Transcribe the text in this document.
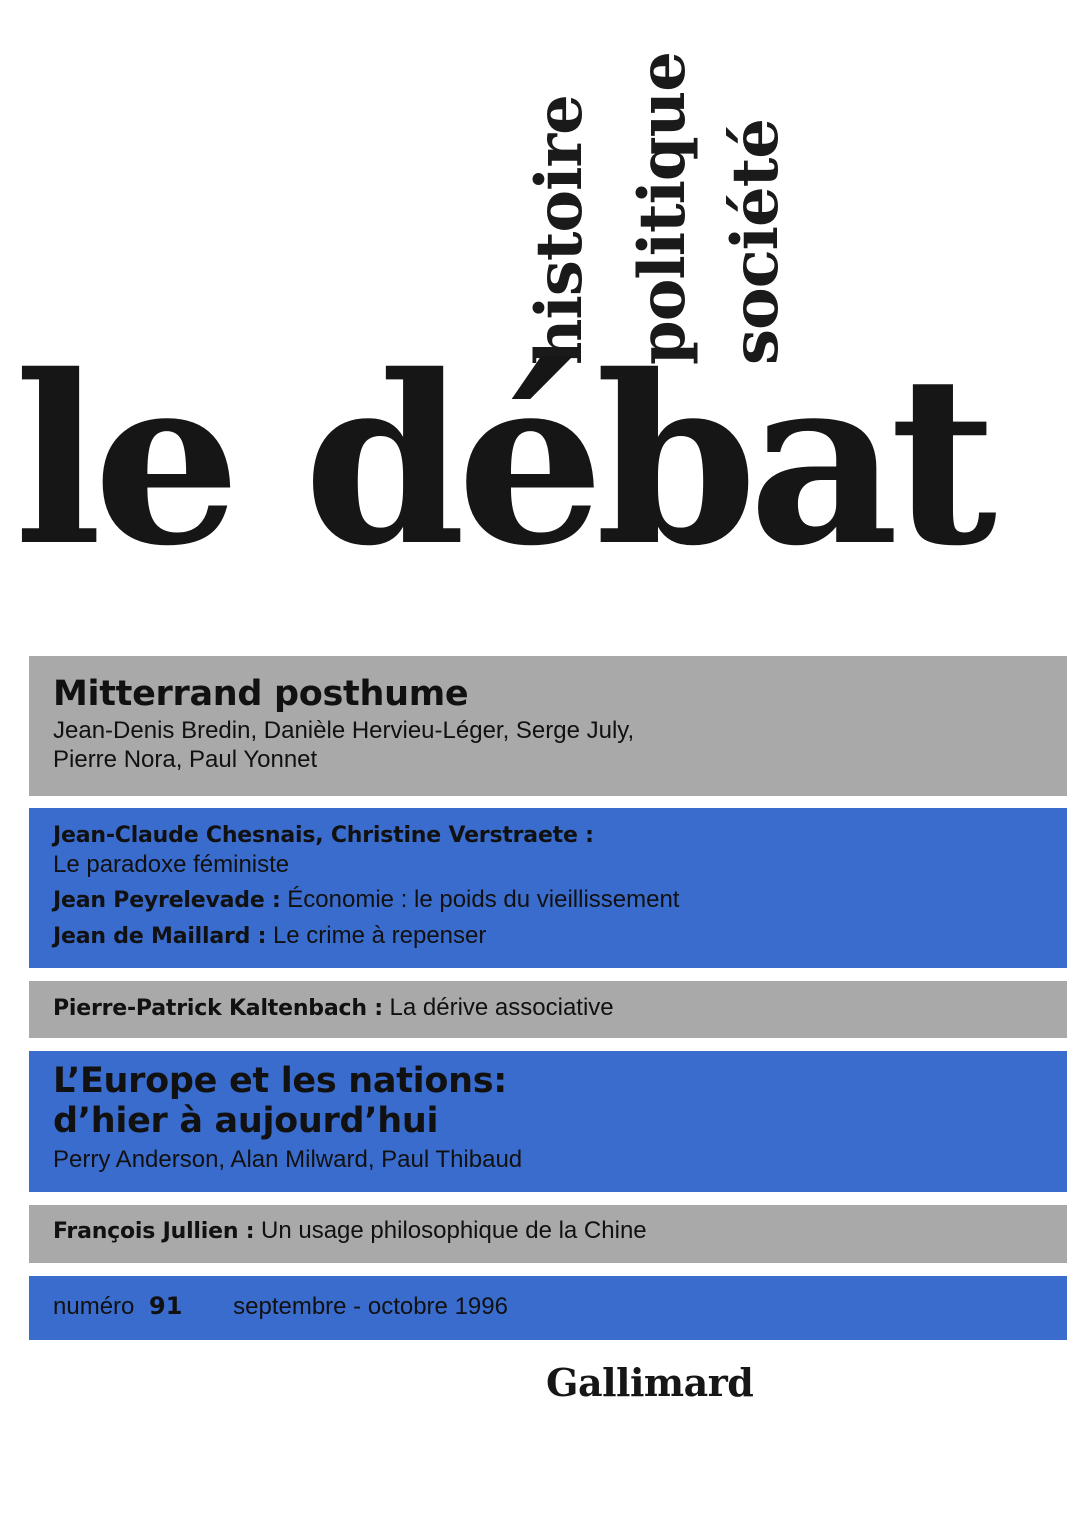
histoire politique société
le débat
Mitterrand posthume
Jean-Denis Bredin, Danièle Hervieu-Léger, Serge July,
Pierre Nora, Paul Yonnet
Jean-Claude Chesnais, Christine Verstraete :
Le paradoxe féministe
Jean Peyrelevade : Économie : le poids du vieillissement
Jean de Maillard : Le crime à repenser
Pierre-Patrick Kaltenbach : La dérive associative
L’Europe et les nations:
d’hier à aujourd’hui
Perry Anderson, Alan Milward, Paul Thibaud
François Jullien : Un usage philosophique de la Chine
numéro 91 septembre - octobre 1996
Gallimard
